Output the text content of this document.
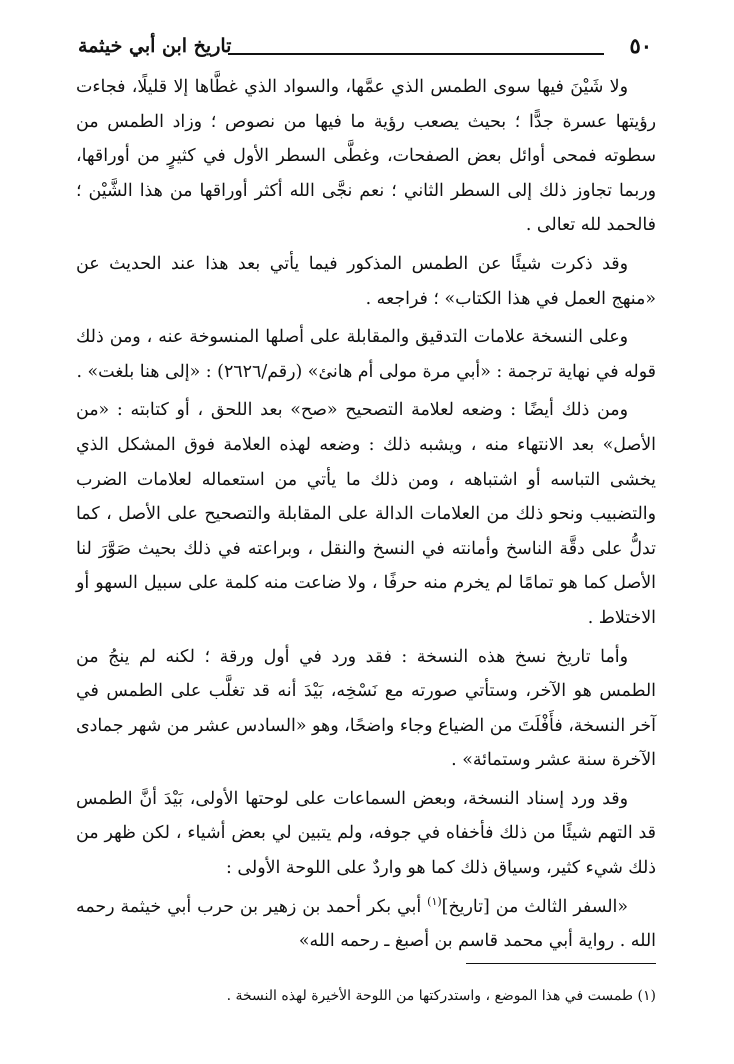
٥٠
تاريخ ابن أبي خيثمة

ولا شَيْنَ فيها سوى الطمس الذي عمَّها، والسواد الذي غطَّاها إلا قليلًا، فجاءت رؤيتها عسرة جدًّا ؛ بحيث يصعب رؤية ما فيها من نصوص ؛ وزاد الطمس من سطوته فمحى أوائل بعض الصفحات، وغطَّى السطر الأول في كثيرٍ من أوراقها، وربما تجاوز ذلك إلى السطر الثاني ؛ نعم نجَّى الله أكثر أوراقها من هذا الشَّيْن ؛ فالحمد لله تعالى .

وقد ذكرت شيئًا عن الطمس المذكور فيما يأتي بعد هذا عند الحديث عن «منهج العمل في هذا الكتاب» ؛ فراجعه .

وعلى النسخة علامات التدقيق والمقابلة على أصلها المنسوخة عنه ، ومن ذلك قوله في نهاية ترجمة : «أبي مرة مولى أم هانئ» (رقم/٢٦٢٦) : «إلى هنا بلغت» .

ومن ذلك أيضًا : وضعه لعلامة التصحيح «صح» بعد اللحق ، أو كتابته : «من الأصل» بعد الانتهاء منه ، ويشبه ذلك : وضعه لهذه العلامة فوق المشكل الذي يخشى التباسه أو اشتباهه ، ومن ذلك ما يأتي من استعماله لعلامات الضرب والتضبيب ونحو ذلك من العلامات الدالة على المقابلة والتصحيح على الأصل ، كما تدلُّ على دقَّة الناسخ وأمانته في النسخ والنقل ، وبراعته في ذلك بحيث صَوَّرَ لنا الأصل كما هو تمامًا لم يخرم منه حرفًا ، ولا ضاعت منه كلمة على سبيل السهو أو الاختلاط .

وأما تاريخ نسخ هذه النسخة : فقد ورد في أول ورقة ؛ لكنه لم ينجُ من الطمس هو الآخر، وستأتي صورته مع نَسْخِه، بَيْدَ أنه قد تغلَّب على الطمس في آخر النسخة، فأَفْلَتَ من الضياع وجاء واضحًا، وهو «السادس عشر من شهر جمادى الآخرة سنة عشر وستمائة» .

وقد ورد إسناد النسخة، وبعض السماعات على لوحتها الأولى، بَيْدَ أنَّ الطمس قد التهم شيئًا من ذلك فأخفاه في جوفه، ولم يتبين لي بعض أشياء ، لكن ظهر من ذلك شيء كثير، وسياق ذلك كما هو واردٌ على اللوحة الأولى :

«السفر الثالث من [تاريخ]$^{(١)}$ أبي بكر أحمد بن زهير بن حرب أبي خيثمة رحمه الله . رواية أبي محمد قاسم بن أصبغ ـ رحمه الله»

(١) طمست في هذا الموضع ، واستدركتها من اللوحة الأخيرة لهذه النسخة .
